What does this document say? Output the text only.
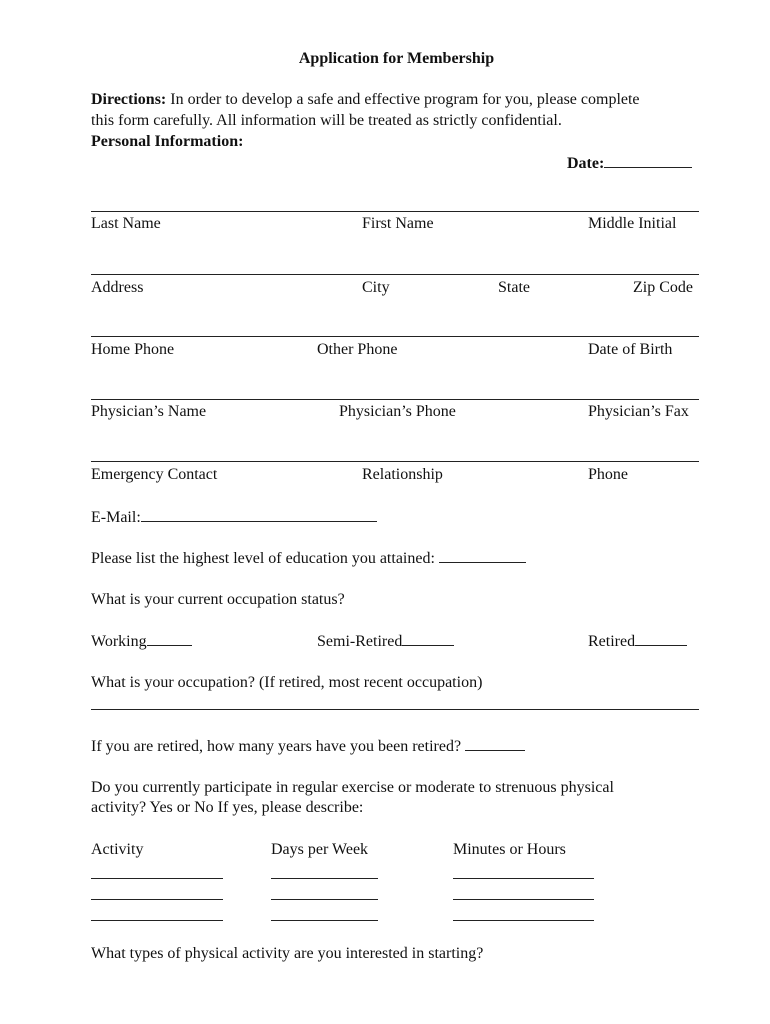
Application for Membership
Directions: In order to develop a safe and effective program for you, please complete
this form carefully. All information will be treated as strictly confidential.
Personal Information:
Date:
Last Name	First Name	Middle Initial
Address	City	State	Zip Code
Home Phone	Other Phone	Date of Birth
Physician’s Name	Physician’s Phone	Physician’s Fax
Emergency Contact	Relationship	Phone
E-Mail:
Please list the highest level of education you attained:
What is your current occupation status?
Working	Semi-Retired	Retired
What is your occupation? (If retired, most recent occupation)
If you are retired, how many years have you been retired?
Do you currently participate in regular exercise or moderate to strenuous physical
activity? Yes or No If yes, please describe:
Activity	Days per Week	Minutes or Hours
What types of physical activity are you interested in starting?
